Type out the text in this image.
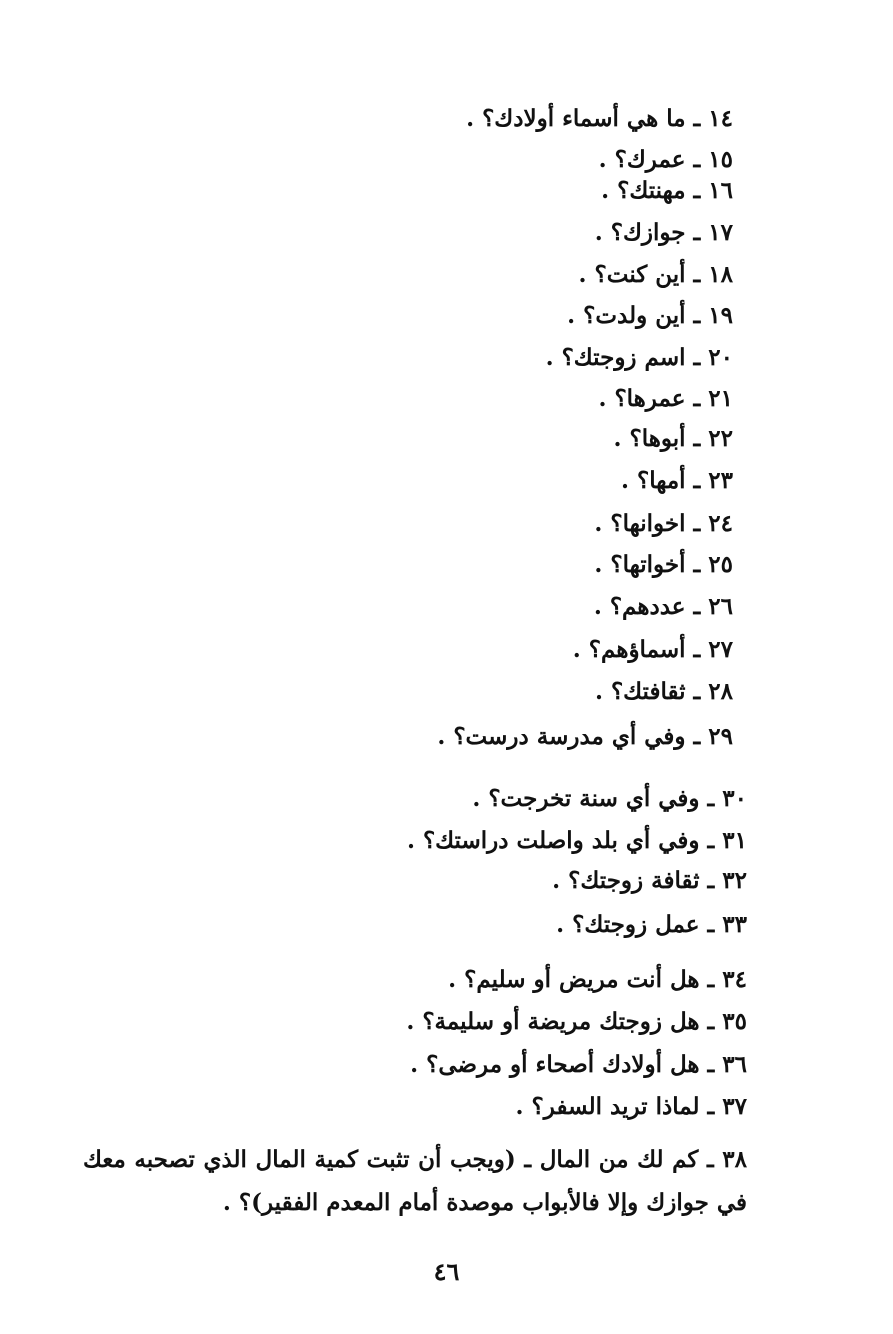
١٤ ـ ما هي أسماء أولادك؟ .
١٥ ـ عمرك؟ .
١٦ ـ مهنتك؟ .
١٧ ـ جوازك؟ .
١٨ ـ أين كنت؟ .
١٩ ـ أين ولدت؟ .
٢٠ ـ اسم زوجتك؟ .
٢١ ـ عمرها؟ .
٢٢ ـ أبوها؟ .
٢٣ ـ أمها؟ .
٢٤ ـ اخوانها؟ .
٢٥ ـ أخواتها؟ .
٢٦ ـ عددهم؟ .
٢٧ ـ أسماؤهم؟ .
٢٨ ـ ثقافتك؟ .
٢٩ ـ وفي أي مدرسة درست؟ .
٣٠ ـ وفي أي سنة تخرجت؟ .
٣١ ـ وفي أي بلد واصلت دراستك؟ .
٣٢ ـ ثقافة زوجتك؟ .
٣٣ ـ عمل زوجتك؟ .
٣٤ ـ هل أنت مريض أو سليم؟ .
٣٥ ـ هل زوجتك مريضة أو سليمة؟ .
٣٦ ـ هل أولادك أصحاء أو مرضى؟ .
٣٧ ـ لماذا تريد السفر؟ .
٣٨ ـ كم لك من المال ـ (ويجب أن تثبت كمية المال الذي تصحبه معك في جوازك وإلا فالأبواب موصدة أمام المعدم الفقير)؟ .
٤٦
